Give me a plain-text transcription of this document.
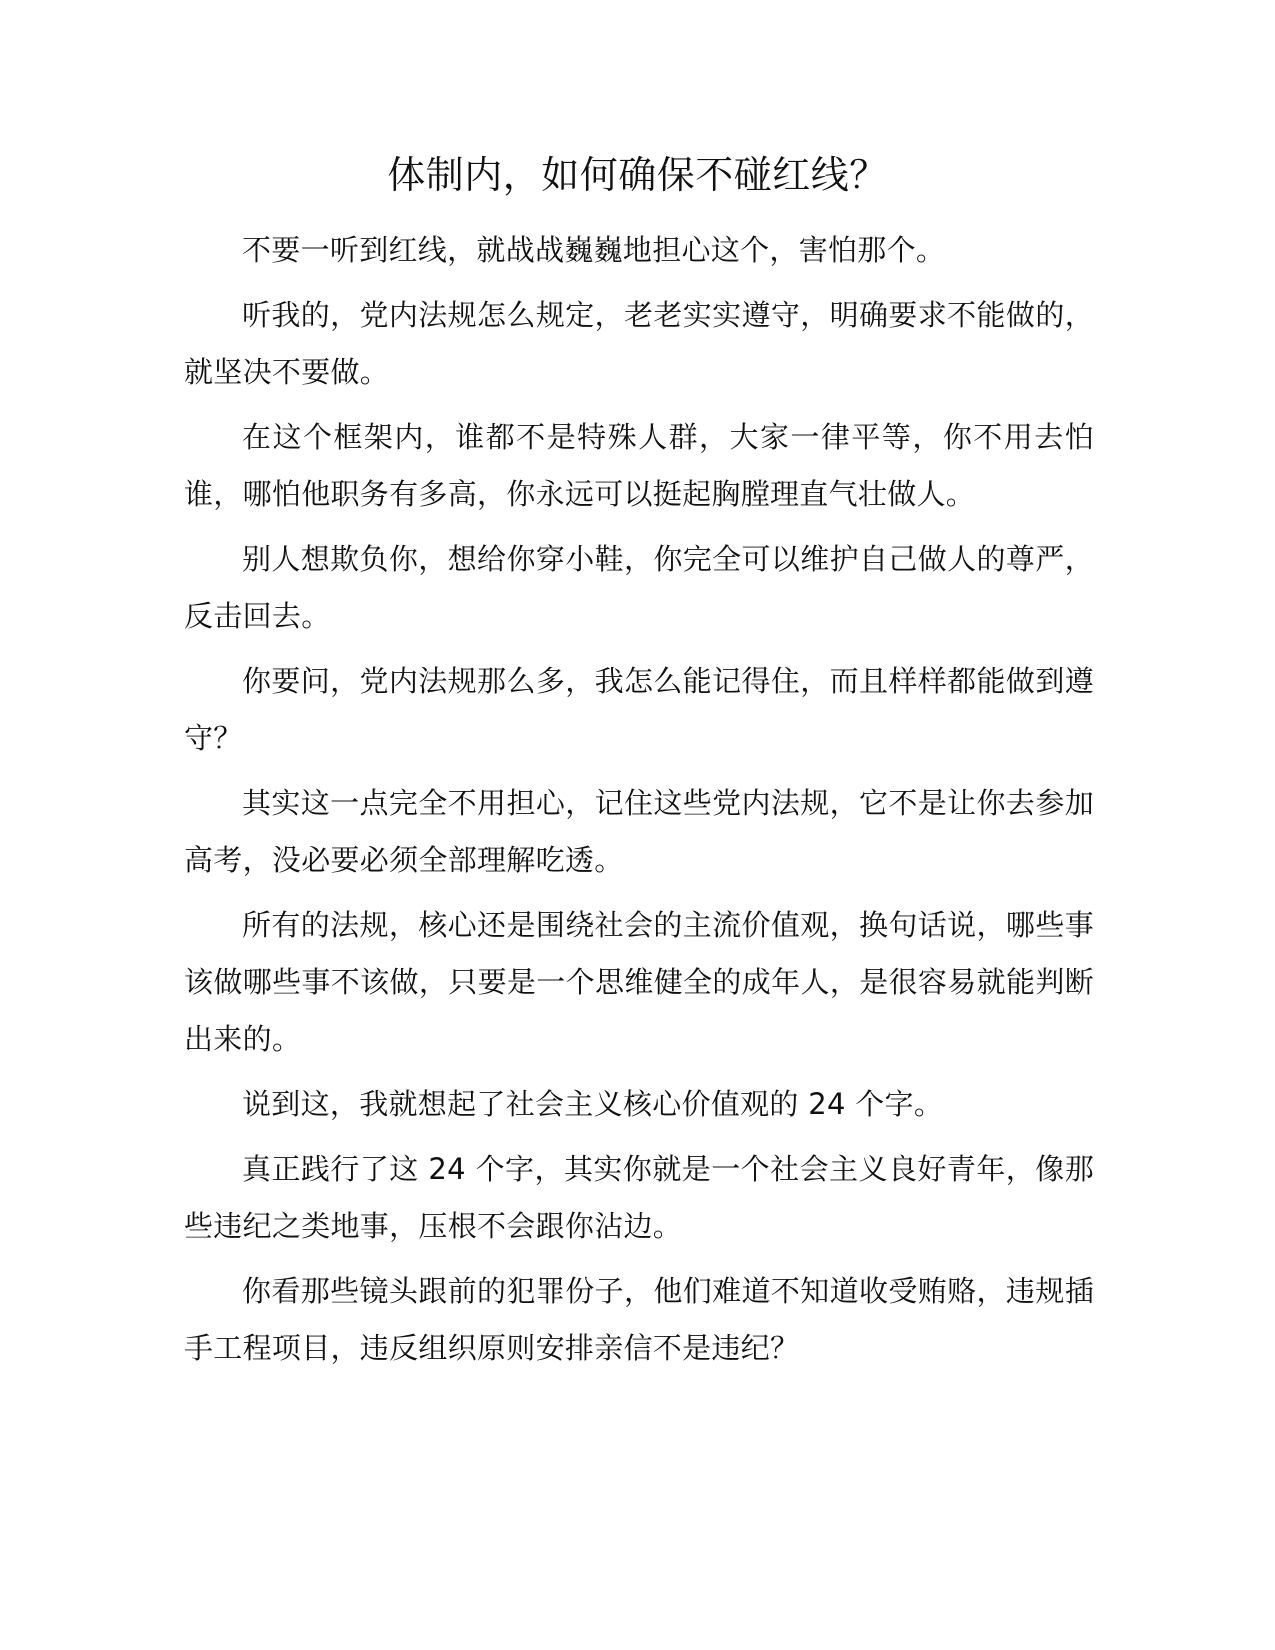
体制内，如何确保不碰红线？

不要一听到红线，就战战巍巍地担心这个，害怕那个。

听我的，党内法规怎么规定，老老实实遵守，明确要求不能做的，就坚决不要做。

在这个框架内，谁都不是特殊人群，大家一律平等，你不用去怕谁，哪怕他职务有多高，你永远可以挺起胸膛理直气壮做人。

别人想欺负你，想给你穿小鞋，你完全可以维护自己做人的尊严，反击回去。

你要问，党内法规那么多，我怎么能记得住，而且样样都能做到遵守？

其实这一点完全不用担心，记住这些党内法规，它不是让你去参加高考，没必要必须全部理解吃透。

所有的法规，核心还是围绕社会的主流价值观，换句话说，哪些事该做哪些事不该做，只要是一个思维健全的成年人，是很容易就能判断出来的。

说到这，我就想起了社会主义核心价值观的 24 个字。

真正践行了这 24 个字，其实你就是一个社会主义良好青年，像那些违纪之类地事，压根不会跟你沾边。

你看那些镜头跟前的犯罪份子，他们难道不知道收受贿赂，违规插手工程项目，违反组织原则安排亲信不是违纪？
